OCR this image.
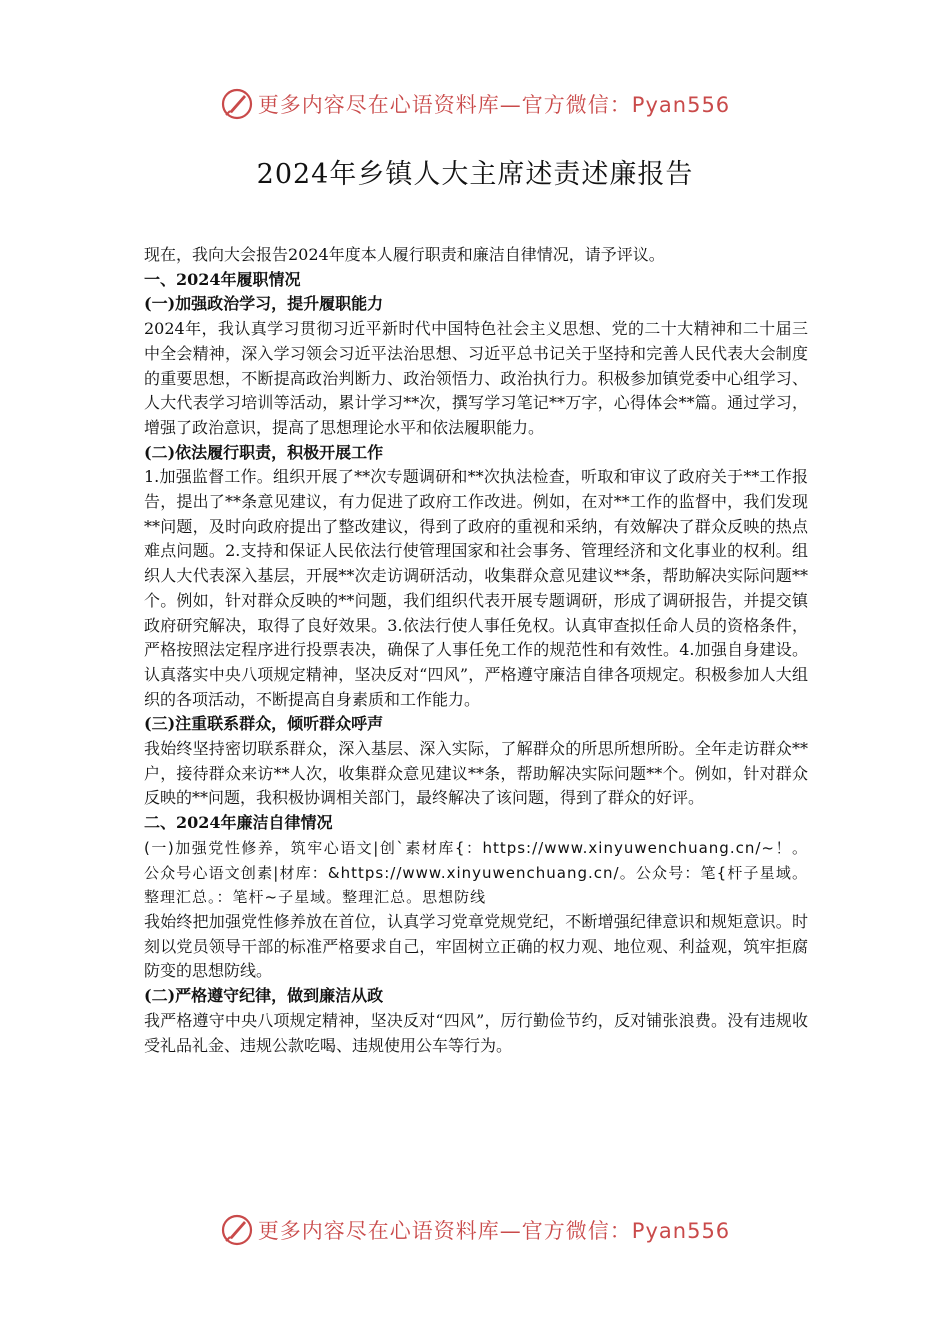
更多内容尽在心语资料库—官方微信：Pyan556
2024年乡镇人大主席述责述廉报告

现在，我向大会报告2024年度本人履行职责和廉洁自律情况，请予评议。

一、2024年履职情况

(一)加强政治学习，提升履职能力

2024年，我认真学习贯彻习近平新时代中国特色社会主义思想、党的二十大精神和二十届三中全会精神，深入学习领会习近平法治思想、习近平总书记关于坚持和完善人民代表大会制度的重要思想，不断提高政治判断力、政治领悟力、政治执行力。积极参加镇党委中心组学习、人大代表学习培训等活动，累计学习**次，撰写学习笔记**万字，心得体会**篇。通过学习，增强了政治意识，提高了思想理论水平和依法履职能力。

(二)依法履行职责，积极开展工作

1.加强监督工作。组织开展了**次专题调研和**次执法检查，听取和审议了政府关于**工作报告，提出了**条意见建议，有力促进了政府工作改进。例如，在对**工作的监督中，我们发现**问题，及时向政府提出了整改建议，得到了政府的重视和采纳，有效解决了群众反映的热点难点问题。2.支持和保证人民依法行使管理国家和社会事务、管理经济和文化事业的权利。组织人大代表深入基层，开展**次走访调研活动，收集群众意见建议**条，帮助解决实际问题**个。例如，针对群众反映的**问题，我们组织代表开展专题调研，形成了调研报告，并提交镇政府研究解决，取得了良好效果。3.依法行使人事任免权。认真审查拟任命人员的资格条件，严格按照法定程序进行投票表决，确保了人事任免工作的规范性和有效性。4.加强自身建设。认真落实中央八项规定精神，坚决反对“四风”，严格遵守廉洁自律各项规定。积极参加人大组织的各项活动，不断提高自身素质和工作能力。

(三)注重联系群众，倾听群众呼声

我始终坚持密切联系群众，深入基层、深入实际，了解群众的所思所想所盼。全年走访群众**户，接待群众来访**人次，收集群众意见建议**条，帮助解决实际问题**个。例如，针对群众反映的**问题，我积极协调相关部门，最终解决了该问题，得到了群众的好评。

二、2024年廉洁自律情况

(一)加强党性修养，筑牢心语文|创`素材库{：https://www.xinyuwenchuang.cn/~！。公众号心语文创素|材库：&https://www.xinyuwenchuang.cn/。公众号：笔{杆子星域。整理汇总。：笔杆~子星域。整理汇总。思想防线

我始终把加强党性修养放在首位，认真学习党章党规党纪，不断增强纪律意识和规矩意识。时刻以党员领导干部的标准严格要求自己，牢固树立正确的权力观、地位观、利益观，筑牢拒腐防变的思想防线。

(二)严格遵守纪律，做到廉洁从政

我严格遵守中央八项规定精神，坚决反对“四风”，厉行勤俭节约，反对铺张浪费。没有违规收受礼品礼金、违规公款吃喝、违规使用公车等行为。

更多内容尽在心语资料库—官方微信：Pyan556
